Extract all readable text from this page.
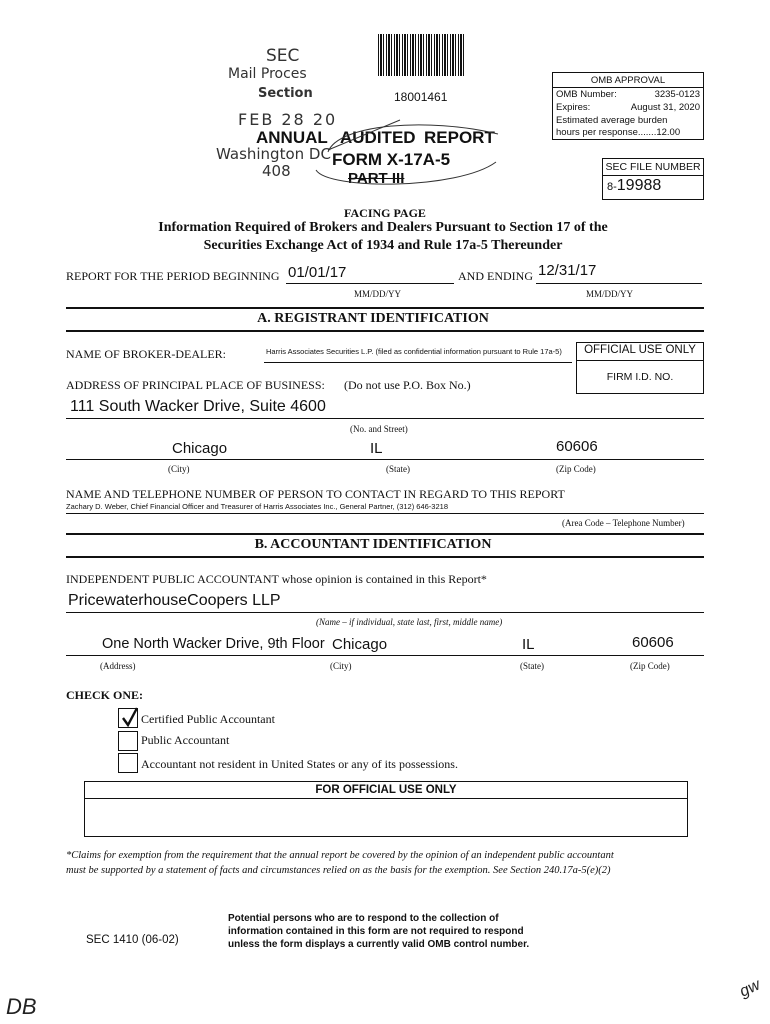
SEC
Mail Proces
Section
FEB 28 20
Washington DC
408
18001461
ANNUAL AUDITED REPORT
FORM X-17A-5
PART III
OMB APPROVAL
OMB Number:	3235-0123
Expires:	August 31, 2020
Estimated average burden
hours per response.......12.00
SEC FILE NUMBER
8-19988
FACING PAGE
Information Required of Brokers and Dealers Pursuant to Section 17 of the
Securities Exchange Act of 1934 and Rule 17a-5 Thereunder
REPORT FOR THE PERIOD BEGINNING 01/01/17	AND ENDING 12/31/17
MM/DD/YY	MM/DD/YY
A. REGISTRANT IDENTIFICATION
NAME OF BROKER-DEALER:	Harris Associates Securities L.P. (filed as confidential information pursuant to Rule 17a-5)	OFFICIAL USE ONLY
FIRM I.D. NO.
ADDRESS OF PRINCIPAL PLACE OF BUSINESS: (Do not use P.O. Box No.)
111 South Wacker Drive, Suite 4600
(No. and Street)
Chicago	IL	60606
(City)	(State)	(Zip Code)
NAME AND TELEPHONE NUMBER OF PERSON TO CONTACT IN REGARD TO THIS REPORT
Zachary D. Weber, Chief Financial Officer and Treasurer of Harris Associates Inc., General Partner, (312) 646-3218
(Area Code – Telephone Number)
B. ACCOUNTANT IDENTIFICATION
INDEPENDENT PUBLIC ACCOUNTANT whose opinion is contained in this Report*
PricewaterhouseCoopers LLP
(Name – if individual, state last, first, middle name)
One North Wacker Drive, 9th Floor Chicago	IL	60606
(Address)	(City)	(State)	(Zip Code)
CHECK ONE:
Certified Public Accountant
Public Accountant
Accountant not resident in United States or any of its possessions.
FOR OFFICIAL USE ONLY
*Claims for exemption from the requirement that the annual report be covered by the opinion of an independent public accountant
must be supported by a statement of facts and circumstances relied on as the basis for the exemption. See Section 240.17a-5(e)(2)
SEC 1410 (06-02)
Potential persons who are to respond to the collection of
information contained in this form are not required to respond
unless the form displays a currently valid OMB control number.
DB
gw
